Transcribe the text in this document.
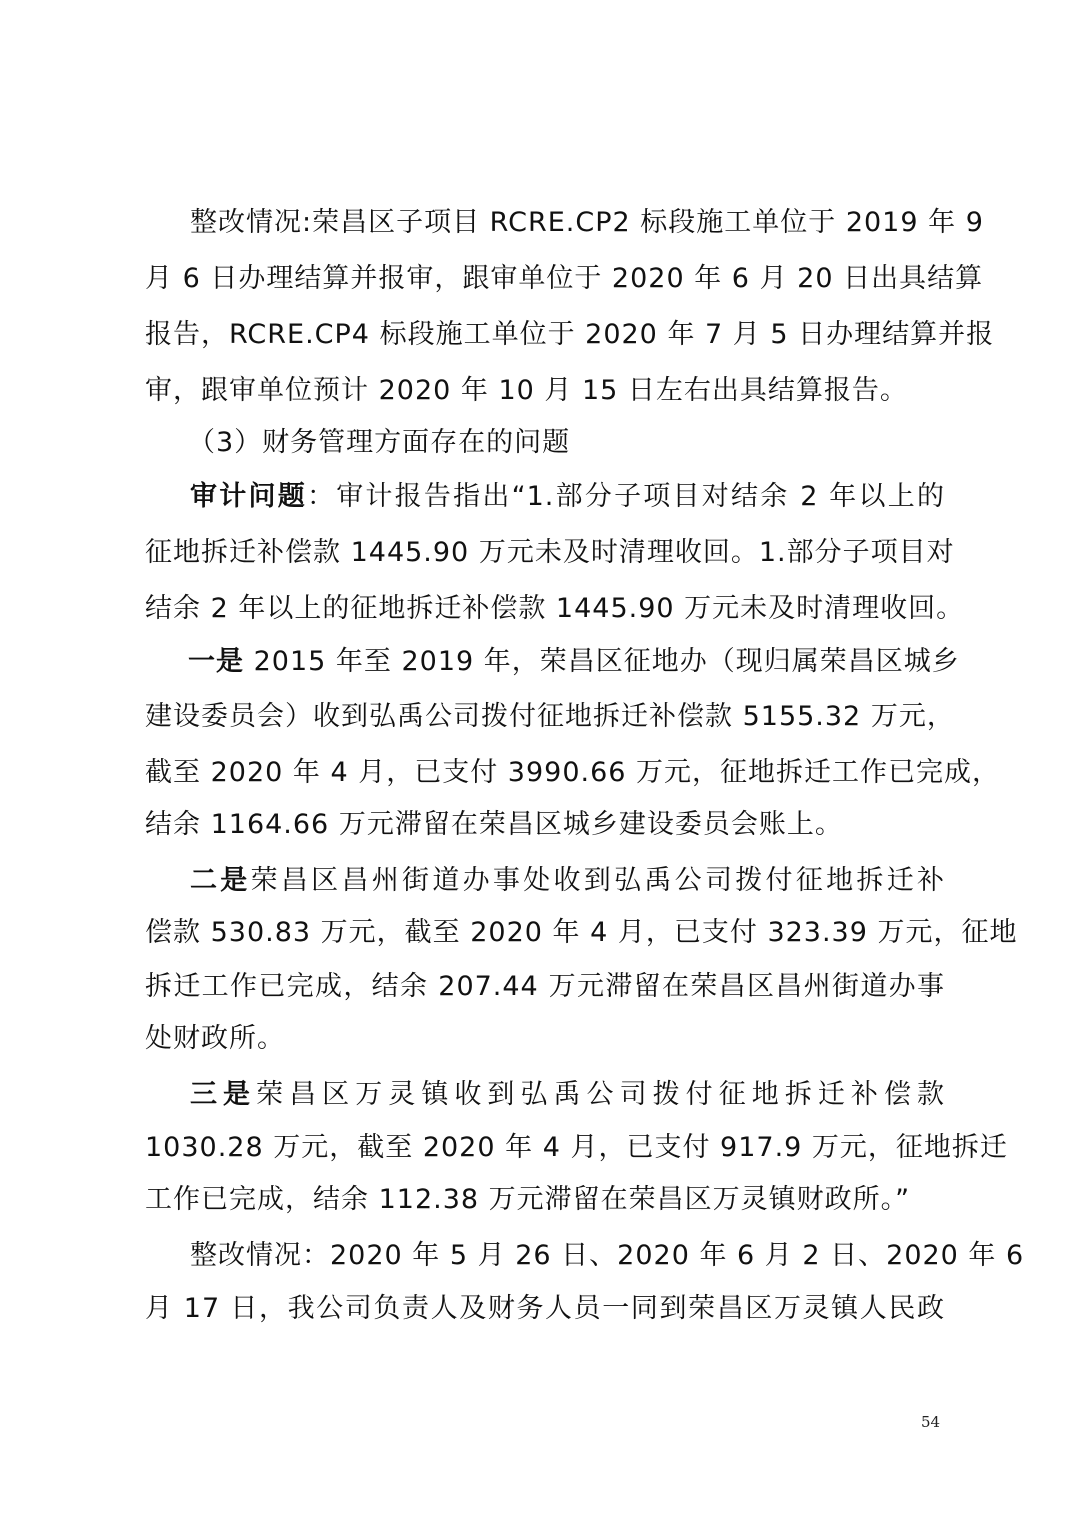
整改情况:荣昌区子项目 RCRE.CP2 标段施工单位于 2019 年 9
月 6 日办理结算并报审，跟审单位于 2020 年 6 月 20 日出具结算
报告，RCRE.CP4 标段施工单位于 2020 年 7 月 5 日办理结算并报
审，跟审单位预计 2020 年 10 月 15 日左右出具结算报告。
（3）财务管理方面存在的问题
审计问题：审计报告指出“1.部分子项目对结余 2 年以上的
征地拆迁补偿款 1445.90 万元未及时清理收回。1.部分子项目对
结余 2 年以上的征地拆迁补偿款 1445.90 万元未及时清理收回。
一是 2015 年至 2019 年，荣昌区征地办（现归属荣昌区城乡
建设委员会）收到弘禹公司拨付征地拆迁补偿款 5155.32 万元，
截至 2020 年 4 月，已支付 3990.66 万元，征地拆迁工作已完成，
结余 1164.66 万元滞留在荣昌区城乡建设委员会账上。
二是荣昌区昌州街道办事处收到弘禹公司拨付征地拆迁补
偿款 530.83 万元，截至 2020 年 4 月，已支付 323.39 万元，征地
拆迁工作已完成，结余 207.44 万元滞留在荣昌区昌州街道办事
处财政所。
三是荣昌区万灵镇收到弘禹公司拨付征地拆迁补偿款
1030.28 万元，截至 2020 年 4 月，已支付 917.9 万元，征地拆迁
工作已完成，结余 112.38 万元滞留在荣昌区万灵镇财政所。”
整改情况：2020 年 5 月 26 日、2020 年 6 月 2 日、2020 年 6
月 17 日，我公司负责人及财务人员一同到荣昌区万灵镇人民政
54
